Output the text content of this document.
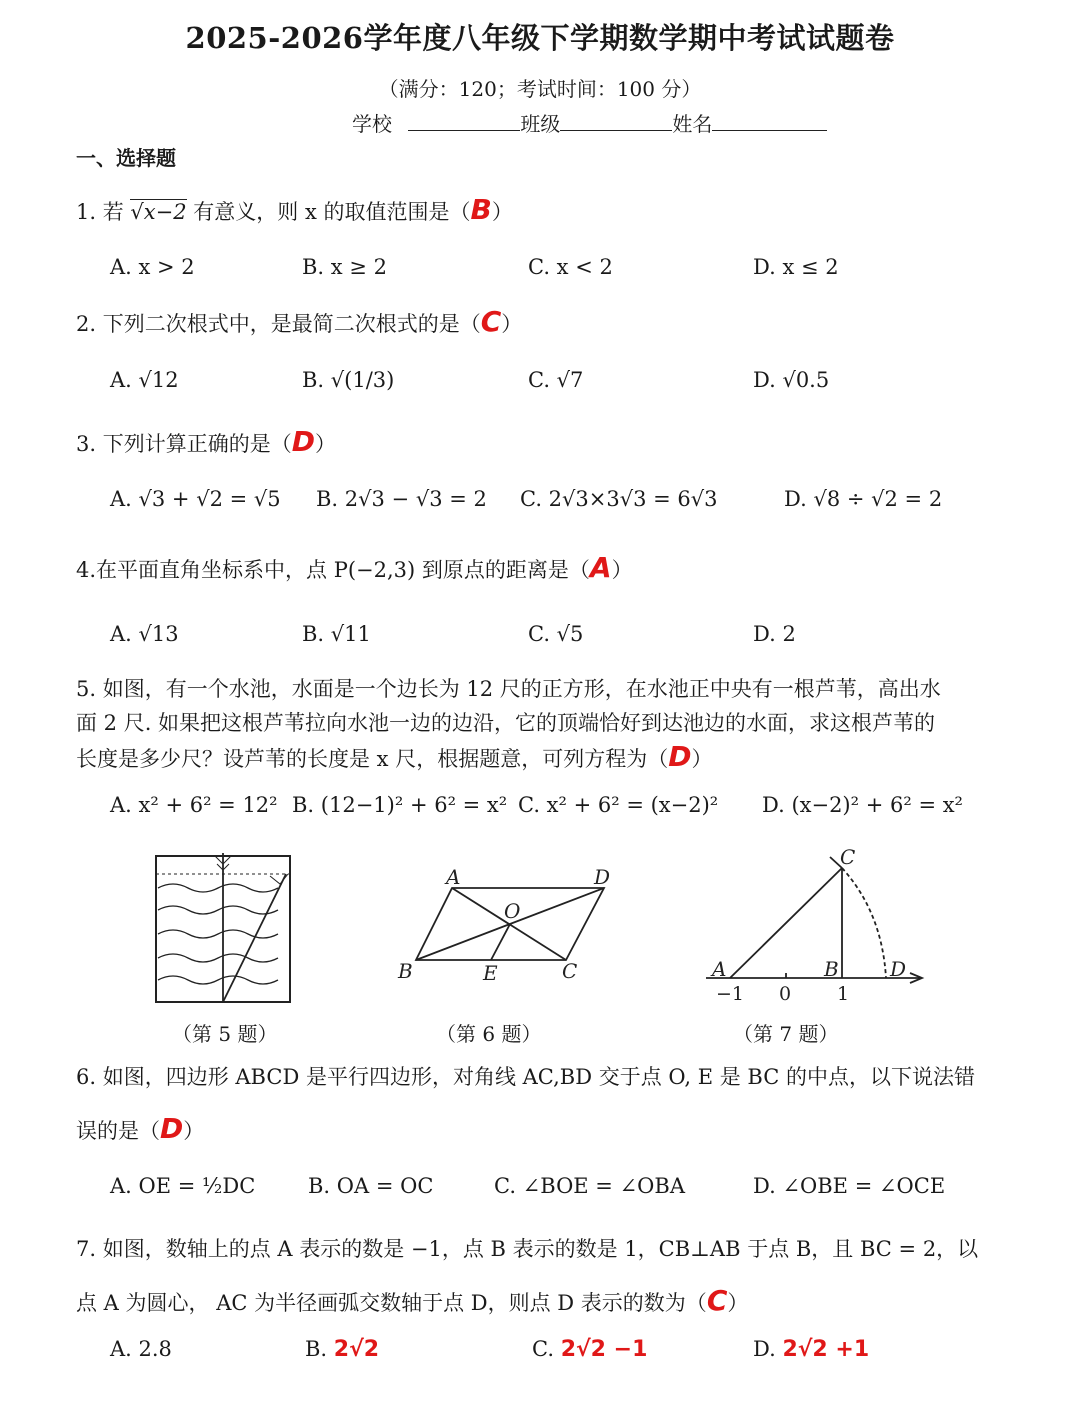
2025-2026学年度八年级下学期数学期中考试试题卷
（满分：120；考试时间：100 分）
学校	班级	姓名
一、选择题
1. 若 √x−2 有意义，则 x 的取值范围是（B）
A. x > 2	B. x ≥ 2	C. x < 2	D. x ≤ 2
2. 下列二次根式中，是最简二次根式的是（C）
A. √12	B. √(1/3)	C. √7	D. √0.5
3. 下列计算正确的是（D）
A. √3 + √2 = √5 B. 2√3 − √3 = 2 C. 2√3×3√3 = 6√3	D. √8 ÷ √2 = 2
4.在平面直角坐标系中，点 P(−2,3) 到原点的距离是（A）
A. √13	B. √11	C. √5	D. 2
5. 如图，有一个水池，水面是一个边长为 12 尺的正方形，在水池正中央有一根芦苇，高出水
面 2 尺. 如果把这根芦苇拉向水池一边的边沿，它的顶端恰好到达池边的水面，求这根芦苇的
长度是多少尺？设芦苇的长度是 x 尺，根据题意，可列方程为（D）
A. x² + 6² = 12² B. (12−1)² + 6² = x² C. x² + 6² = (x−2)² D. (x−2)² + 6² = x²
A	D
O
B	E	C
C
A	B	D
−1 0 1
（第 5 题）	（第 6 题）	（第 7 题）
6. 如图，四边形 ABCD 是平行四边形，对角线 AC,BD 交于点 O, E 是 BC 的中点，以下说法错
误的是（D）
A. OE = ½DC	B. OA = OC	C. ∠BOE = ∠OBA	D. ∠OBE = ∠OCE
7. 如图，数轴上的点 A 表示的数是 −1，点 B 表示的数是 1，CB⊥AB 于点 B，且 BC = 2，以
点 A 为圆心， AC 为半径画弧交数轴于点 D，则点 D 表示的数为（C）
A. 2.8	B. 2√2	C. 2√2 −1	D. 2√2 +1
